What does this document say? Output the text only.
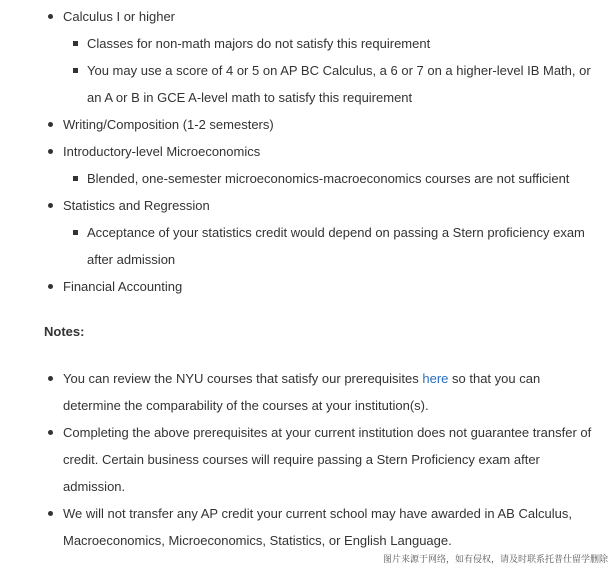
Calculus I or higher
Classes for non-math majors do not satisfy this requirement
You may use a score of 4 or 5 on AP BC Calculus, a 6 or 7 on a higher-level IB Math, or an A or B in GCE A-level math to satisfy this requirement
Writing/Composition (1-2 semesters)
Introductory-level Microeconomics
Blended, one-semester microeconomics-macroeconomics courses are not sufficient
Statistics and Regression
Acceptance of your statistics credit would depend on passing a Stern proficiency exam after admission
Financial Accounting
Notes:
You can review the NYU courses that satisfy our prerequisites here so that you can determine the comparability of the courses at your institution(s).
Completing the above prerequisites at your current institution does not guarantee transfer of credit. Certain business courses will require passing a Stern Proficiency exam after admission.
We will not transfer any AP credit your current school may have awarded in AB Calculus, Macroeconomics, Microeconomics, Statistics, or English Language.
图片来源于网络，如有侵权，请及时联系托普仕留学删除
